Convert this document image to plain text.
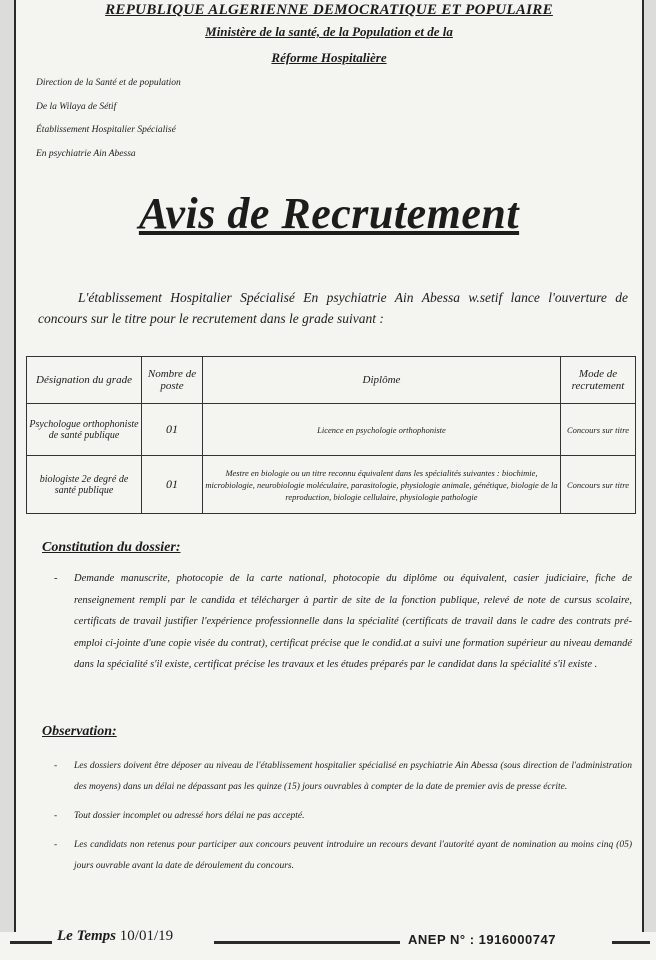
REPUBLIQUE ALGERIENNE DEMOCRATIQUE ET POPULAIRE
Ministère de la santé, de la Population et de la
Réforme Hospitalière
Direction de la Santé et de population
De la Wilaya de Sétif
Établissement Hospitalier Spécialisé
En psychiatrie Ain Abessa
Avis de Recrutement
L'établissement Hospitalier Spécialisé En psychiatrie Ain Abessa w.setif lance l'ouverture de concours sur le titre pour le recrutement dans le grade suivant :
Désignation du grade	Nombre de poste	Diplôme	Mode de recrutement
Psychologue orthophoniste de santé publique	01	Licence en psychologie orthophoniste	Concours sur titre
biologiste 2e degré de santé publique	01	Mestre en biologie ou un titre reconnu équivalent dans les spécialités suivantes : biochimie, microbiologie, neurobiologie moléculaire, parasitologie, physiologie animale, génétique, biologie de la reproduction, biologie cellulaire, physiologie pathologie	Concours sur titre
Constitution du dossier:
- Demande manuscrite, photocopie de la carte national, photocopie du diplôme ou équivalent, casier judiciaire, fiche de renseignement rempli par le candida et télécharger à partir de site de la fonction publique, relevé de note de cursus scolaire, certificats de travail justifier l'expérience professionnelle dans la spécialité (certificats de travail dans le cadre des contrats pré-emploi ci-jointe d'une copie visée du contrat), certificat précise que le condid.at a suivi une formation supérieur au niveau demandé dans la spécialité s'il existe, certificat précise les travaux et les études préparés par le candidat dans la spécialité s'il existe .
Observation:
- Les dossiers doivent être déposer au niveau de l'établissement hospitalier spécialisé en psychiatrie Ain Abessa (sous direction de l'administration des moyens) dans un délai ne dépassant pas les quinze (15) jours ouvrables à compter de la date de premier avis de presse écrite.
- Tout dossier incomplet ou adressé hors délai ne pas accepté.
- Les candidats non retenus pour participer aux concours peuvent introduire un recours devant l'autorité ayant de nomination au moins cinq (05) jours ouvrable avant la date de déroulement du concours.
Le Temps 10/01/19	ANEP N° : 1916000747
